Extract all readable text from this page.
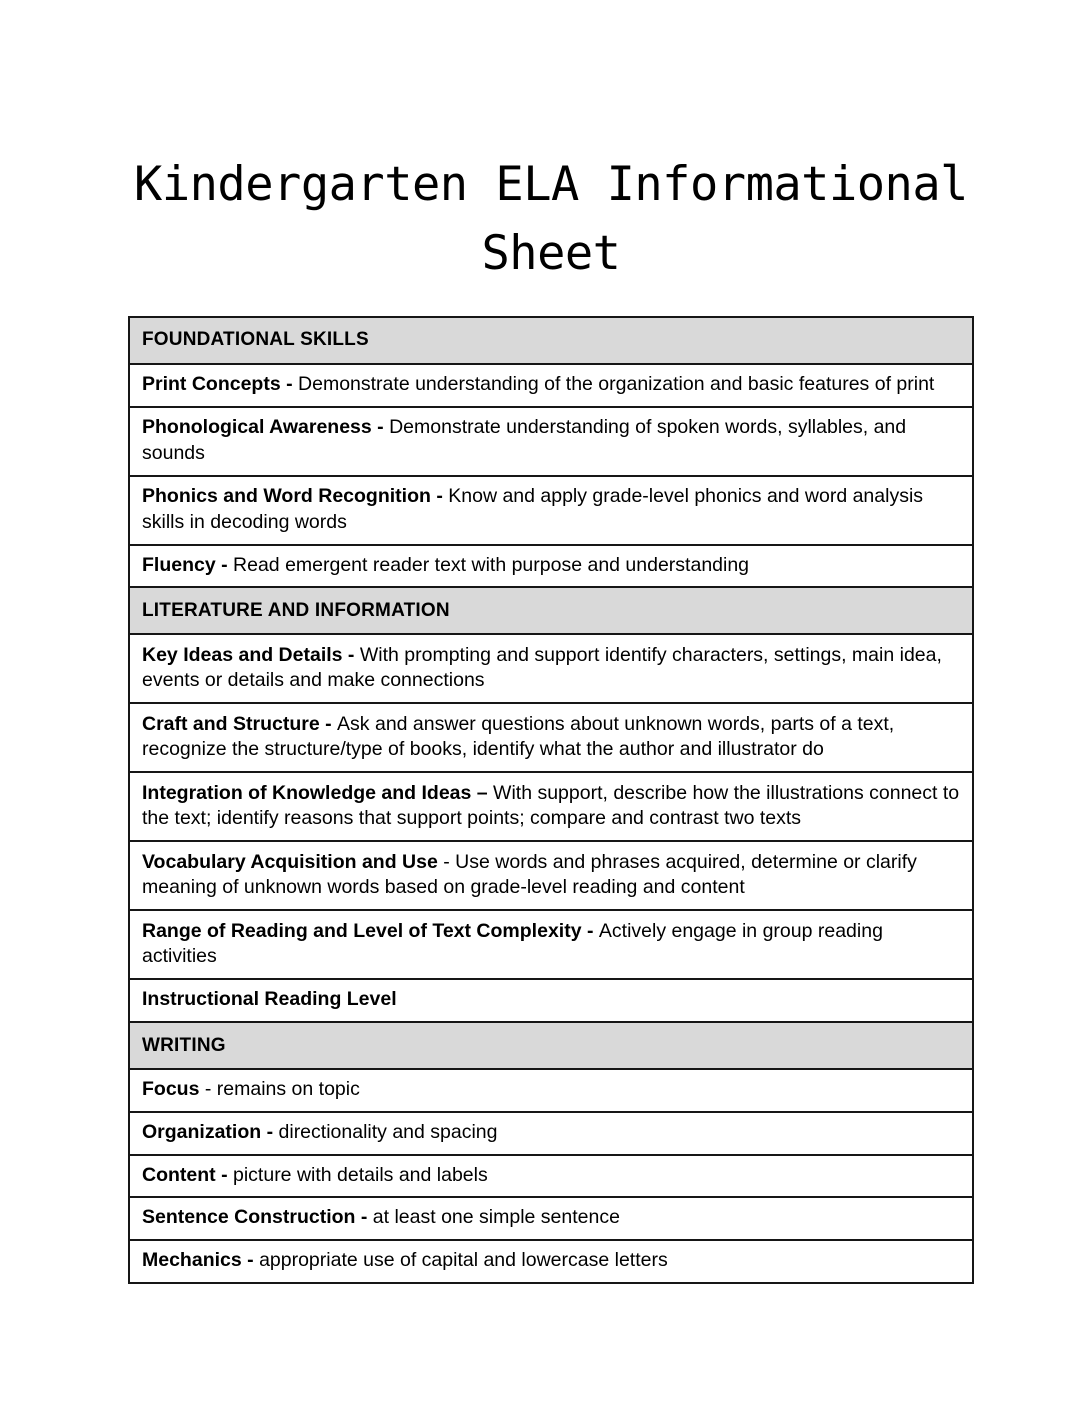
Kindergarten ELA Informational
Sheet
FOUNDATIONAL SKILLS
Print Concepts - Demonstrate understanding of the organization and basic features of print
Phonological Awareness - Demonstrate understanding of spoken words, syllables, and sounds
Phonics and Word Recognition - Know and apply grade-level phonics and word analysis skills in decoding words
Fluency - Read emergent reader text with purpose and understanding
LITERATURE AND INFORMATION
Key Ideas and Details - With prompting and support identify characters, settings, main idea, events or details and make connections
Craft and Structure - Ask and answer questions about unknown words, parts of a text, recognize the structure/type of books, identify what the author and illustrator do
Integration of Knowledge and Ideas – With support, describe how the illustrations connect to the text; identify reasons that support points; compare and contrast two texts
Vocabulary Acquisition and Use - Use words and phrases acquired, determine or clarify meaning of unknown words based on grade-level reading and content
Range of Reading and Level of Text Complexity - Actively engage in group reading activities
Instructional Reading Level
WRITING
Focus - remains on topic
Organization - directionality and spacing
Content - picture with details and labels
Sentence Construction - at least one simple sentence
Mechanics - appropriate use of capital and lowercase letters
